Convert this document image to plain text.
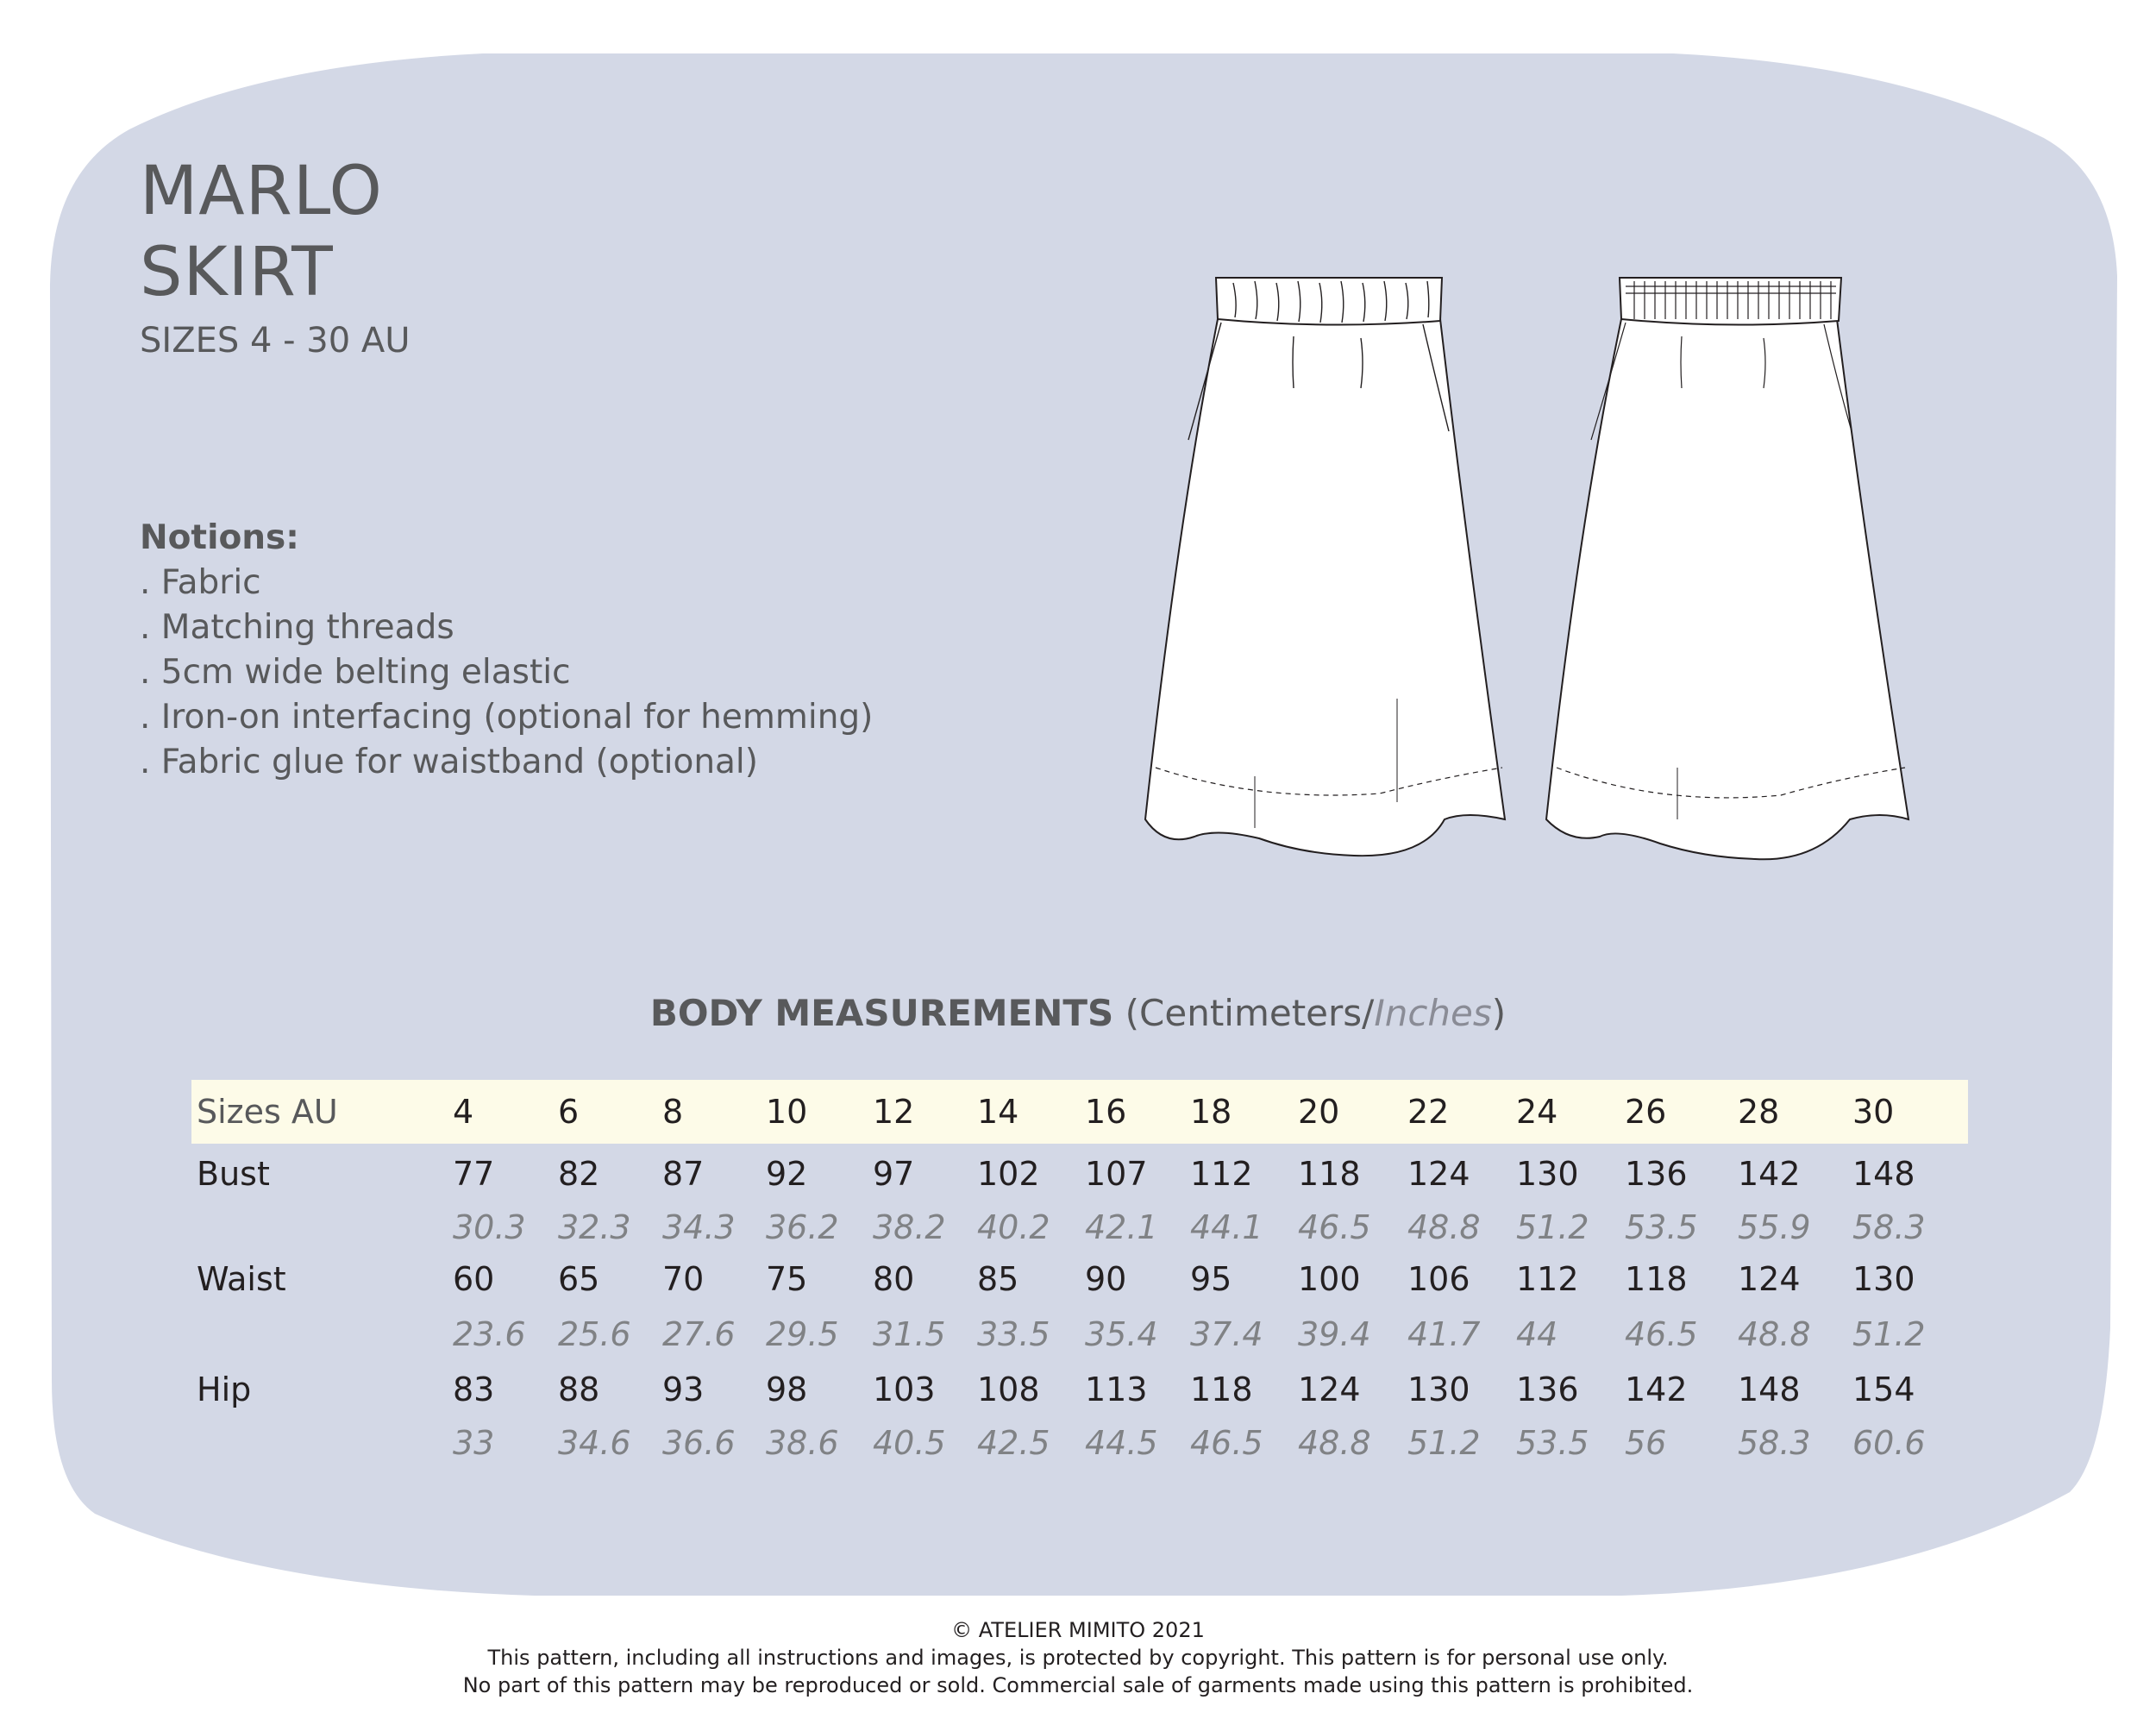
MARLO
SKIRT
SIZES 4 - 30 AU
Notions:
. Fabric
. Matching threads
. 5cm wide belting elastic
. Iron-on interfacing (optional for hemming)
. Fabric glue for waistband (optional)
BODY MEASUREMENTS (Centimeters/Inches)
Sizes AU	4	6	8	10 12 14 16 18 20 22 24 26 28 30
Bust	77 82 87 92 97 102 107 112 118 124 130 136 142 148
30.3 32.3 34.3 36.2 38.2 40.2 42.1 44.1 46.5 48.8 51.2 53.5 55.9 58.3
Waist	60 65 70 75 80 85 90 95 100 106 112 118 124 130
23.6 25.6 27.6 29.5 31.5 33.5 35.4 37.4 39.4 41.7 44 46.5 48.8 51.2
Hip	83 88 93 98 103 108 113 118 124 130 136 142 148 154
33 34.6 36.6 38.6 40.5 42.5 44.5 46.5 48.8 51.2 53.5 56 58.3 60.6
© ATELIER MIMITO 2021
This pattern, including all instructions and images, is protected by copyright. This pattern is for personal use only.
No part of this pattern may be reproduced or sold. Commercial sale of garments made using this pattern is prohibited.
